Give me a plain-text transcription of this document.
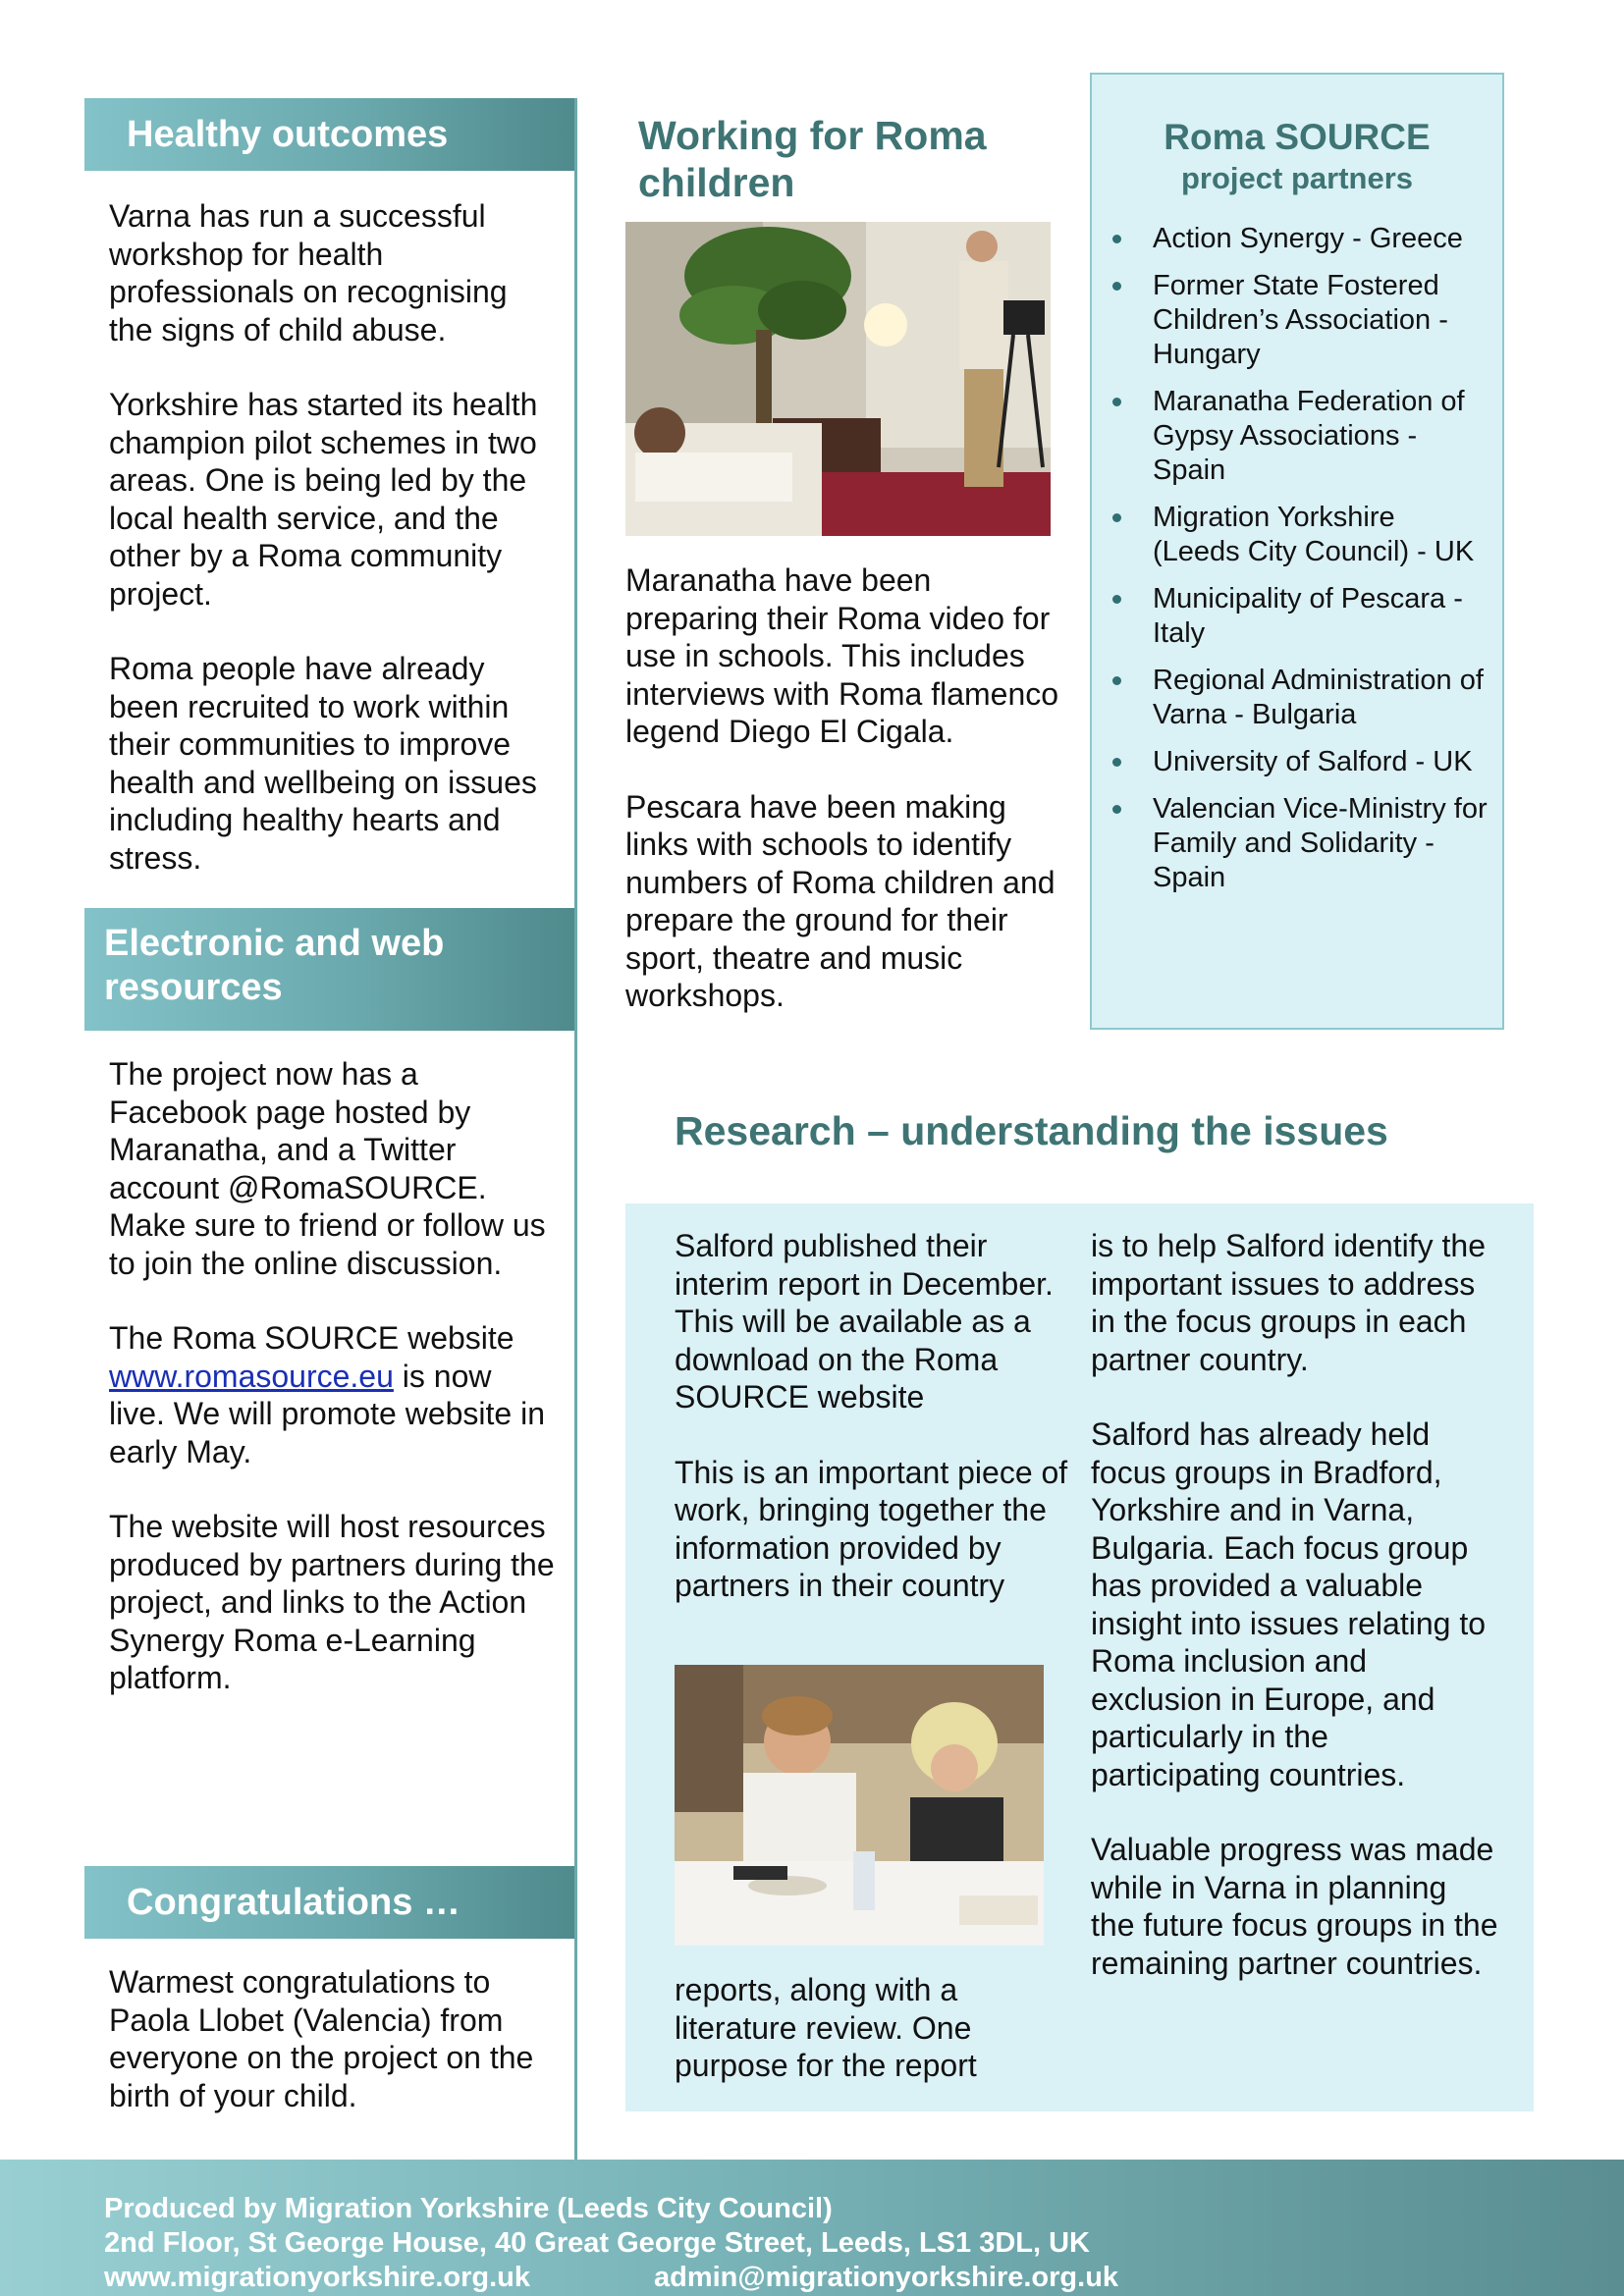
Healthy outcomes

Varna has run a successful workshop for health professionals on recognising the signs of child abuse.

Yorkshire has started its health champion pilot schemes in two areas. One is being led by the local health service, and the other by a Roma community project.

Roma people have already been recruited to work within their communities to improve health and wellbeing on issues including healthy hearts and stress.

Electronic and web
resources

The project now has a Facebook page hosted by Maranatha, and a Twitter account @RomaSOURCE. Make sure to friend or follow us to join the online discussion.

The Roma SOURCE website www.romasource.eu is now live. We will promote website in early May.

The website will host resources produced by partners during the project, and links to the Action Synergy Roma e-Learning platform.

Congratulations …

Warmest congratulations to Paola Llobet (Valencia) from everyone on the project on the birth of your child.

Working for Roma
children

Maranatha have been preparing their Roma video for use in schools. This includes interviews with Roma flamenco legend Diego El Cigala.

Pescara have been making links with schools to identify numbers of Roma children and prepare the ground for their sport, theatre and music workshops.

Roma SOURCE
project partners
Action Synergy - Greece
Former State Fostered Children’s Association - Hungary
Maranatha Federation of Gypsy Associations - Spain
Migration Yorkshire (Leeds City Council) - UK
Municipality of Pescara - Italy
Regional Administration of Varna - Bulgaria
University of Salford - UK
Valencian Vice-Ministry for Family and Solidarity - Spain
Research – understanding the issues

Salford published their interim report in December. This will be available as a download on the Roma SOURCE website

This is an important piece of work, bringing together the information provided by partners in their country

reports, along with a literature review. One purpose for the report

is to help Salford identify the important issues to address in the focus groups in each partner country.

Salford has already held focus groups in Bradford, Yorkshire and in Varna, Bulgaria. Each focus group has provided a valuable insight into issues relating to Roma inclusion and exclusion in Europe, and particularly in the participating countries.

Valuable progress was made while in Varna in planning the future focus groups in the remaining partner countries.

Produced by Migration Yorkshire (Leeds City Council)
2nd Floor, St George House, 40 Great George Street, Leeds, LS1 3DL, UK
www.migrationyorkshire.org.uk	admin@migrationyorkshire.org.uk
